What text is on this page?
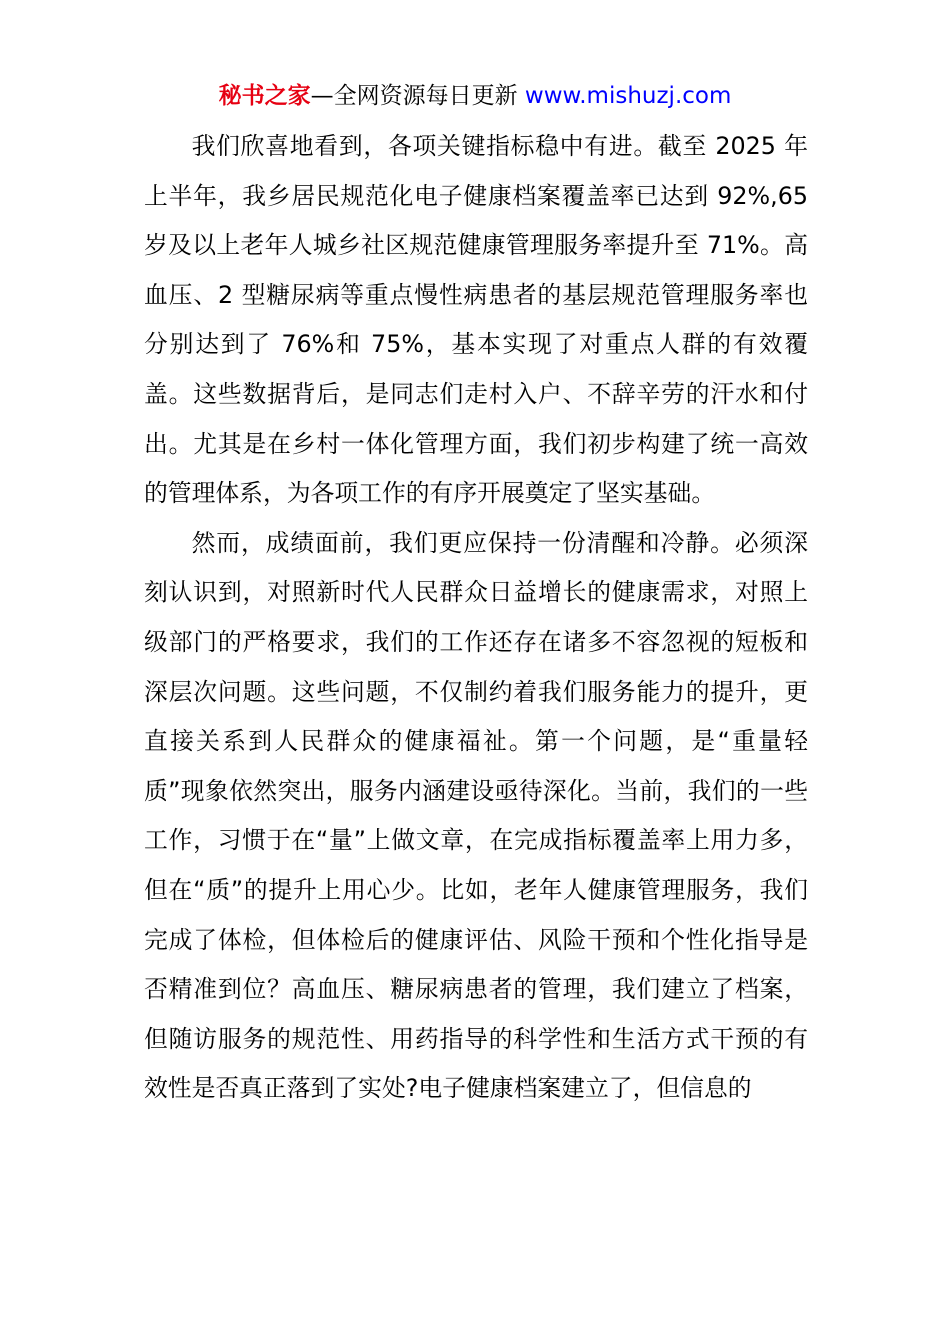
秘书之家—全网资源每日更新 www.mishuzj.com

我们欣喜地看到，各项关键指标稳中有进。截至 2025 年上半年，我乡居民规范化电子健康档案覆盖率已达到 92%,65 岁及以上老年人城乡社区规范健康管理服务率提升至 71%。高血压、2 型糖尿病等重点慢性病患者的基层规范管理服务率也分别达到了 76%和 75%，基本实现了对重点人群的有效覆盖。这些数据背后，是同志们走村入户、不辞辛劳的汗水和付出。尤其是在乡村一体化管理方面，我们初步构建了统一高效的管理体系，为各项工作的有序开展奠定了坚实基础。

然而，成绩面前，我们更应保持一份清醒和冷静。必须深刻认识到，对照新时代人民群众日益增长的健康需求，对照上级部门的严格要求，我们的工作还存在诸多不容忽视的短板和深层次问题。这些问题，不仅制约着我们服务能力的提升，更直接关系到人民群众的健康福祉。第一个问题，是“重量轻质”现象依然突出，服务内涵建设亟待深化。当前，我们的一些工作，习惯于在“量”上做文章，在完成指标覆盖率上用力多，但在“质”的提升上用心少。比如，老年人健康管理服务，我们完成了体检，但体检后的健康评估、风险干预和个性化指导是否精准到位？高血压、糖尿病患者的管理，我们建立了档案，但随访服务的规范性、用药指导的科学性和生活方式干预的有效性是否真正落到了实处?电子健康档案建立了，但信息的
